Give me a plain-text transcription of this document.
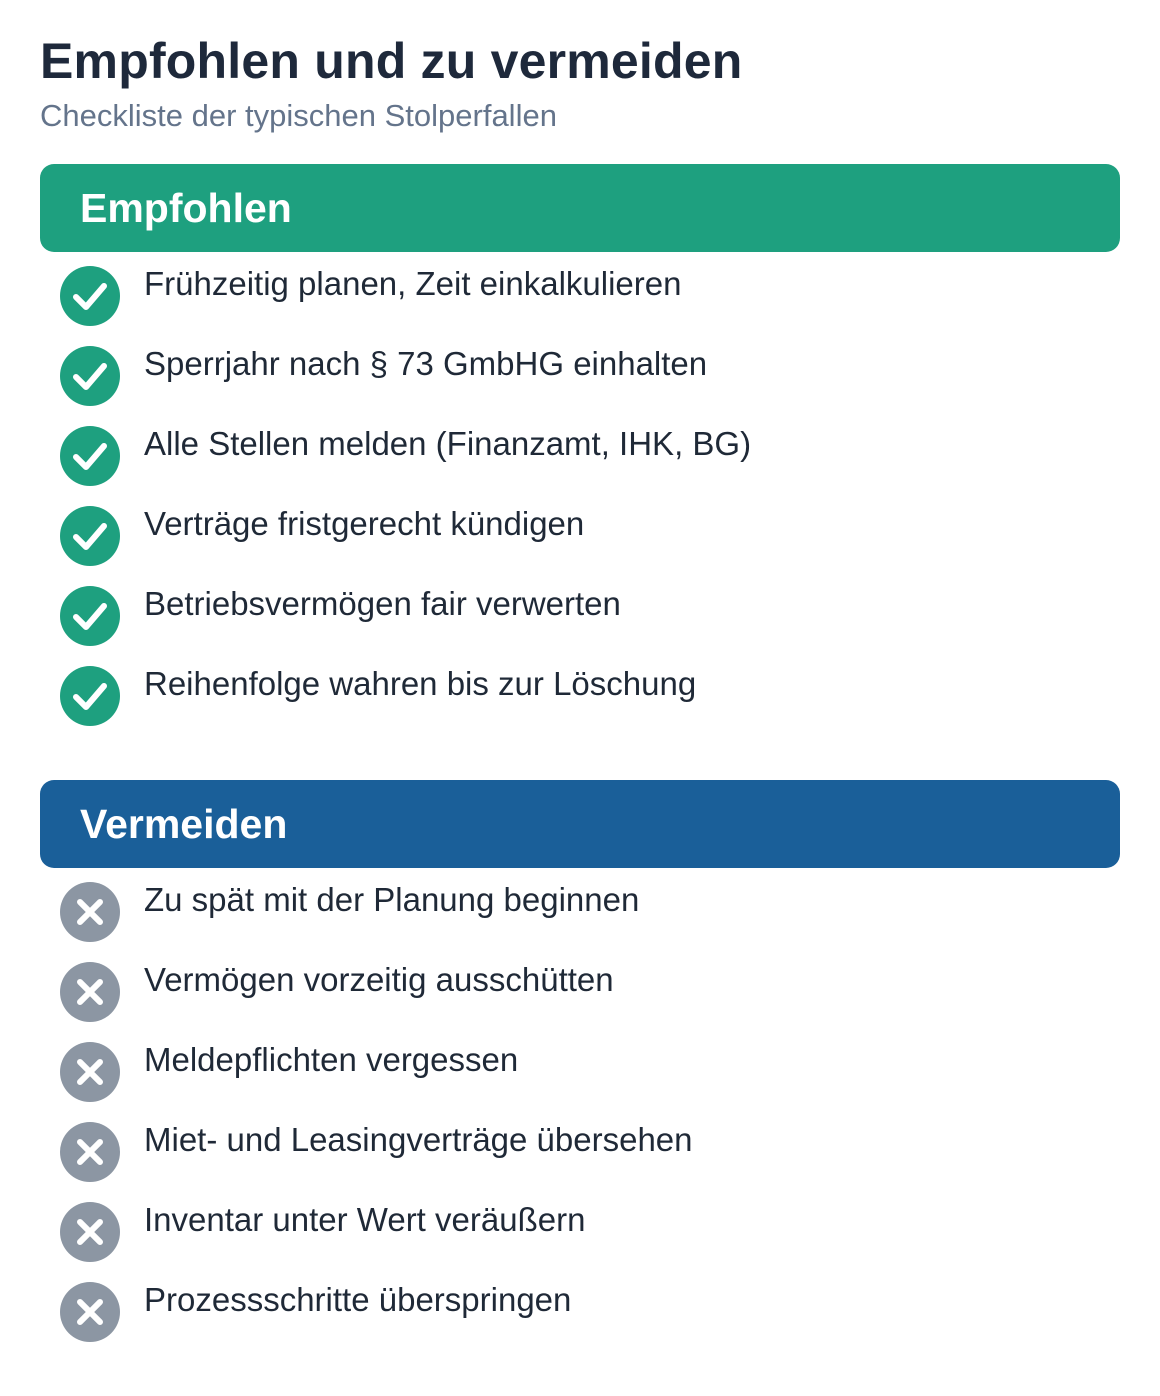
Empfohlen und zu vermeiden

Checkliste der typischen Stolperfallen

Empfohlen
Frühzeitig planen, Zeit einkalkulieren
Sperrjahr nach § 73 GmbHG einhalten
Alle Stellen melden (Finanzamt, IHK, BG)
Verträge fristgerecht kündigen
Betriebsvermögen fair verwerten
Reihenfolge wahren bis zur Löschung
Vermeiden
Zu spät mit der Planung beginnen
Vermögen vorzeitig ausschütten
Meldepflichten vergessen
Miet- und Leasingverträge übersehen
Inventar unter Wert veräußern
Prozessschritte überspringen
